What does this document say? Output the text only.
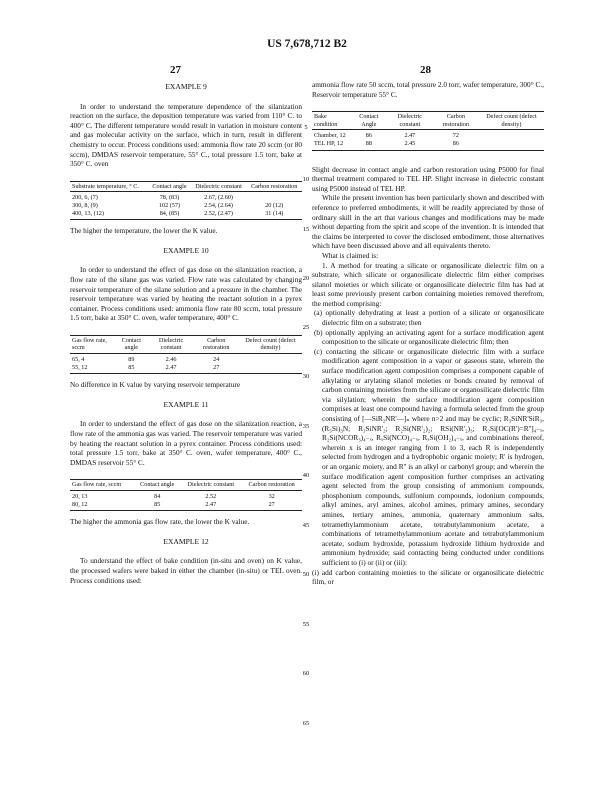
US 7,678,712 B2
27	28
EXAMPLE 9

In order to understand the temperature dependence of the silanization reaction on the surface, the deposition temperature was varied from 110° C. to 400° C. The different temperature would result in variation in moisture content and gas molecular activity on the surface, which in turn, result in different chemistry to occur. Process conditions used: ammonia flow rate 20 sccm (or 80 sccm), DMDAS reservoir temperature, 55° C., total pressure 1.5 torr, bake at 350° C. oven

Substrate temperature, ° C.	Contact angle	Dielectric constant	Carbon restoration
200, 6, (7)	78, (83)	2.67, (2.60)	
300, 8, (9)	102 (57)	2.54, (2.64)	20 (12)
400, 13, (12)	84, (85)	2.52, (2.47)	31 (14)

The higher the temperature, the lower the K value.

EXAMPLE 10

In order to understand the effect of gas dose on the silanization reaction, a flow rate of the silane gas was varied. Flow rate was calculated by changing reservoir temperature of the silane solution and a pressure in the chamber. The reservoir temperature was varied by heating the reactant solution in a pyrex container. Process conditions used: ammonia flow rate 80 sccm, total pressure 1.5 torr, bake at 350° C. oven, wafer temperature, 400° C.

Gas flow rate, sccm	Contact angle	Dielectric constant	Carbon restoration	Defect count (defect density)
65, 4	89	2.46	24	
55, 12	85	2.47	27	

No difference in K value by varying reservoir temperature

EXAMPLE 11

In order to understand the effect of gas dose on the silanization reaction, a flow rate of the ammonia gas was varied. The reservoir temperature was varied by heating the reactant solution in a pyrex container. Process conditions used: total pressure 1.5 torr, bake at 350° C. oven, wafer temperature, 400° C., DMDAS reservoir 55° C.

Gas flow rate, sccm	Contact angle	Dielectric constant	Carbon restoration
20, 13	84	2.52	32
80, 12	85	2.47	27

The higher the ammonia gas flow rate, the lower the K value.

EXAMPLE 12

To understand the effect of bake condition (in-situ and oven) on K value, the processed wafers were baked in either the chamber (in-situ) or TEL oven. Process conditions used:

ammonia flow rate 50 sccm, total pressure 2.0 torr, wafer temperature, 300° C., Reservoir temperature 55° C.

Bake condition	Contact Angle	Dielectric constant	Carbon restoration	Defect count (defect density)
Chamber, 12	86	2.47	72	
TEL HP, 12	88	2.45	86	

Slight decrease in contact angle and carbon restoration using P5000 for final thermal treatment compared to TEL HP. Slight increase in dielectric constant using P5000 instead of TEL HP.

While the present invention has been particularly shown and described with reference to preferred embodiments, it will be readily appreciated by those of ordinary skill in the art that various changes and modifications may be made without departing from the spirit and scope of the invention. It is intended that the claims be interpreted to cover the disclosed embodiment, those alternatives which have been discussed above and all equivalents thereto.

What is claimed is:

1. A method for treating a silicate or organosilicate dielectric film on a substrate, which silicate or organosilicate dielectric film either comprises silanol moieties or which silicate or organosilicate dielectric film has had at least some previously present carbon containing moieties removed therefrom, the method comprising:

(a) optionally dehydrating at least a portion of a silicate or organosilicate dielectric film on a substrate; then

(b) optionally applying an activating agent for a surface modification agent composition to the silicate or organosilicate dielectric film; then

(c) contacting the silicate or organosilicate dielectric film with a surface modification agent composition in a vapor or gaseous state, wherein the surface modification agent composition comprises a component capable of alkylating or arylating silanol moieties or bonds created by removal of carbon containing moieties from the silicate or organosilicate dielectric film via silylation; wherein the surface modification agent composition comprises at least one compound having a formula selected from the group consisting of [—SiR₂NR'—]ₙ where n>2 and may be cyclic; R₃SiNR'SiR₃, (R₃Si)₃N; R₃SiNR'₂; R₂Si(NR'₂)₂; RSi(NR'₂)₃; R₂Si[OC(R')=R'']₄₋ₓ, R₂Si(NCOR₃)₄₋ₓ, RₓSi(NCO)₄₋ₓ, RₓSi(OH₂)₄₋ₓ, and combinations thereof, wherein x is an integer ranging from 1 to 3, each R is independently selected from hydrogen and a hydrophobic organic moiety; R' is hydrogen, or an organic moiety, and R'' is an alkyl or carbonyl group; and wherein the surface modification agent composition further comprises an activating agent selected from the group consisting of ammonium compounds, phosphonium compounds, sulfonium compounds, iodonium compounds, alkyl amines, aryl amines, alcohol amines, primary amines, secondary amines, tertiary amines, ammonia, quaternary ammonium salts, tetramethylammonium acetate, tetrabutylammonium acetate, a combinations of tetramethylammonium acetate and tetrabutylammonium acetate, sodium hydroxide, potassium hydroxide lithium hydroxide and ammonium hydroxide; said contacting being conducted under conditions sufficient to (i) or (ii) or (iii):

(i) add carbon containing moieties to the silicate or organosilicate dielectric film, or

5
10
15
20
25
30
35
40
45
50
55
60
65
